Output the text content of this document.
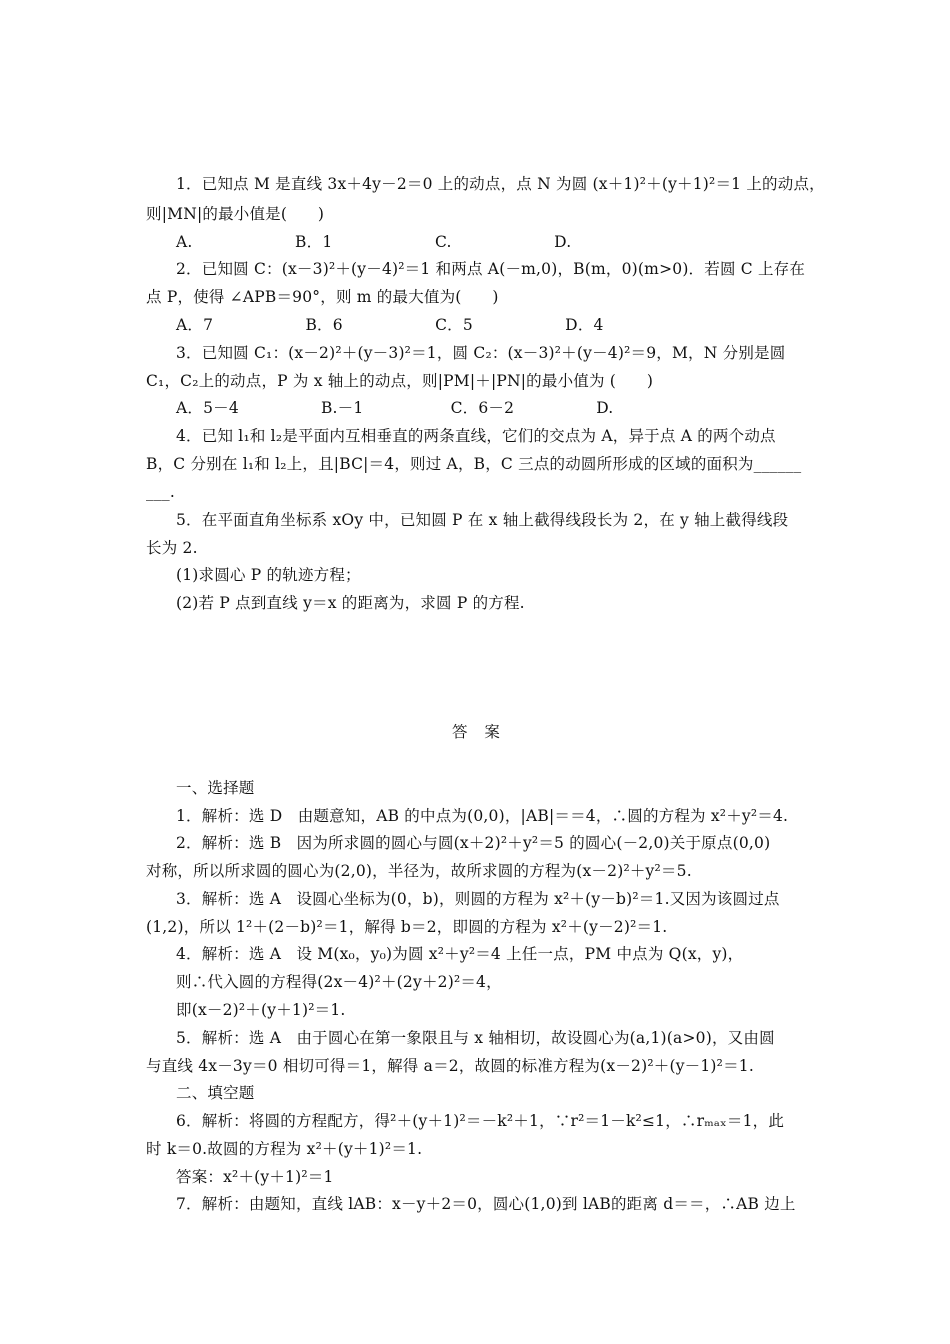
1．已知点 M 是直线 3x＋4y－2＝0 上的动点，点 N 为圆 (x＋1)²＋(y＋1)²＝1 上的动点，
则|MN|的最小值是(      )
A.                    B．1                    C.                    D.
2．已知圆 C：(x－3)²＋(y－4)²＝1 和两点 A(－m,0)，B(m，0)(m>0)．若圆 C 上存在
点 P，使得 ∠APB＝90°，则 m 的最大值为(      )
A．7                  B．6                  C．5                  D．4
3．已知圆 C₁：(x－2)²＋(y－3)²＝1，圆 C₂：(x－3)²＋(y－4)²＝9，M，N 分别是圆
C₁，C₂上的动点，P 为 x 轴上的动点，则|PM|＋|PN|的最小值为 (      )
A．5－4                B.－1                 C．6－2                D.
4．已知 l₁和 l₂是平面内互相垂直的两条直线，它们的交点为 A，异于点 A 的两个动点
B，C 分别在 l₁和 l₂上，且|BC|＝4，则过 A，B，C 三点的动圆所形成的区域的面积为______
___.
5．在平面直角坐标系 xOy 中，已知圆 P 在 x 轴上截得线段长为 2，在 y 轴上截得线段
长为 2.
(1)求圆心 P 的轨迹方程；
(2)若 P 点到直线 y＝x 的距离为，求圆 P 的方程.
答 案
一、选择题
1．解析：选 D   由题意知，AB 的中点为(0,0)，|AB|＝＝4，∴圆的方程为 x²＋y²＝4.
2．解析：选 B   因为所求圆的圆心与圆(x＋2)²＋y²＝5 的圆心(－2,0)关于原点(0,0)
对称，所以所求圆的圆心为(2,0)，半径为，故所求圆的方程为(x－2)²＋y²＝5.
3．解析：选 A   设圆心坐标为(0，b)，则圆的方程为 x²＋(y－b)²＝1.又因为该圆过点
(1,2)，所以 1²＋(2－b)²＝1，解得 b＝2，即圆的方程为 x²＋(y－2)²＝1.
4．解析：选 A   设 M(x₀，y₀)为圆 x²＋y²＝4 上任一点，PM 中点为 Q(x，y)，
则∴代入圆的方程得(2x－4)²＋(2y＋2)²＝4，
即(x－2)²＋(y＋1)²＝1.
5．解析：选 A   由于圆心在第一象限且与 x 轴相切，故设圆心为(a,1)(a>0)，又由圆
与直线 4x－3y＝0 相切可得＝1，解得 a＝2，故圆的标准方程为(x－2)²＋(y－1)²＝1.
二、填空题
6．解析：将圆的方程配方，得²＋(y＋1)²＝－k²＋1，∵r²＝1－k²≤1，∴rₘₐₓ＝1，此
时 k＝0.故圆的方程为 x²＋(y＋1)²＝1.
答案：x²＋(y＋1)²＝1
7．解析：由题知，直线 lAB：x－y＋2＝0，圆心(1,0)到 lAB的距离 d＝＝，∴AB 边上
